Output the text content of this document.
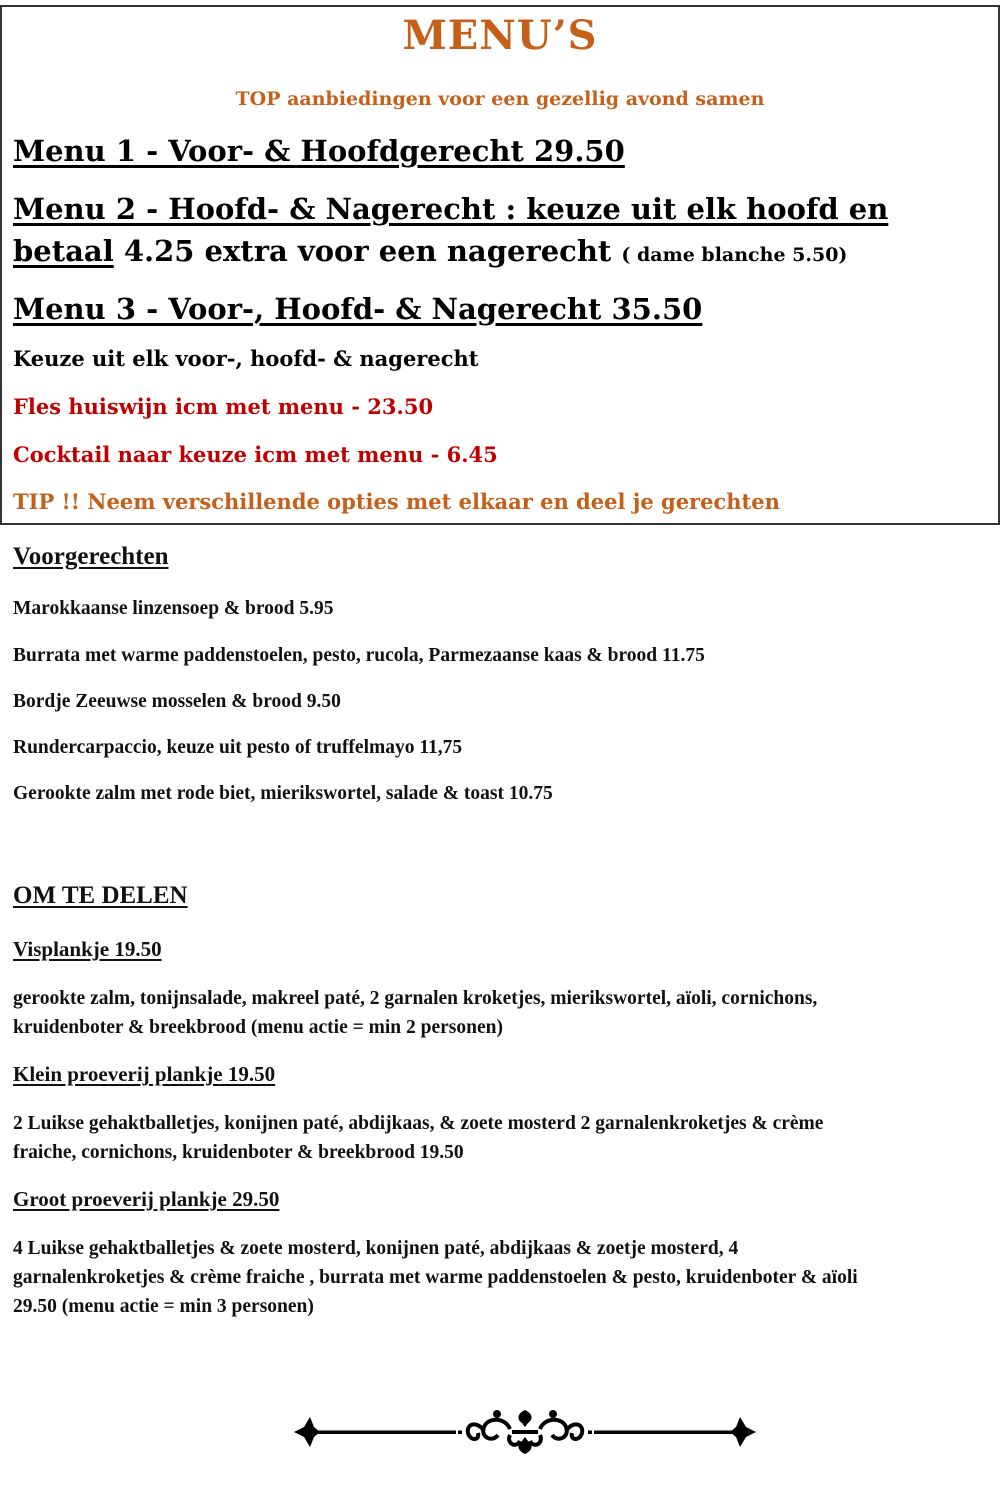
MENU’S
TOP aanbiedingen voor een gezellig avond samen
Menu 1 - Voor- & Hoofdgerecht 29.50
Menu 2 - Hoofd- & Nagerecht : keuze uit elk hoofd en
betaal 4.25 extra voor een nagerecht ( dame blanche 5.50)
Menu 3 - Voor-, Hoofd- & Nagerecht 35.50
Keuze uit elk voor-, hoofd- & nagerecht
Fles huiswijn icm met menu - 23.50
Cocktail naar keuze icm met menu - 6.45
TIP !! Neem verschillende opties met elkaar en deel je gerechten
Voorgerechten
Marokkaanse linzensoep & brood 5.95
Burrata met warme paddenstoelen, pesto, rucola, Parmezaanse kaas & brood 11.75
Bordje Zeeuwse mosselen & brood 9.50
Rundercarpaccio, keuze uit pesto of truffelmayo 11,75
Gerookte zalm met rode biet, mierikswortel, salade & toast 10.75
OM TE DELEN
Visplankje 19.50
gerookte zalm, tonijnsalade, makreel paté, 2 garnalen kroketjes, mierikswortel, aïoli, cornichons,
kruidenboter & breekbrood (menu actie = min 2 personen)
Klein proeverij plankje 19.50
2 Luikse gehaktballetjes, konijnen paté, abdijkaas, & zoete mosterd 2 garnalenkroketjes & crème
fraiche, cornichons, kruidenboter & breekbrood 19.50
Groot proeverij plankje 29.50
4 Luikse gehaktballetjes & zoete mosterd, konijnen paté, abdijkaas & zoetje mosterd, 4
garnalenkroketjes & crème fraiche , burrata met warme paddenstoelen & pesto, kruidenboter & aïoli
29.50 (menu actie = min 3 personen)
